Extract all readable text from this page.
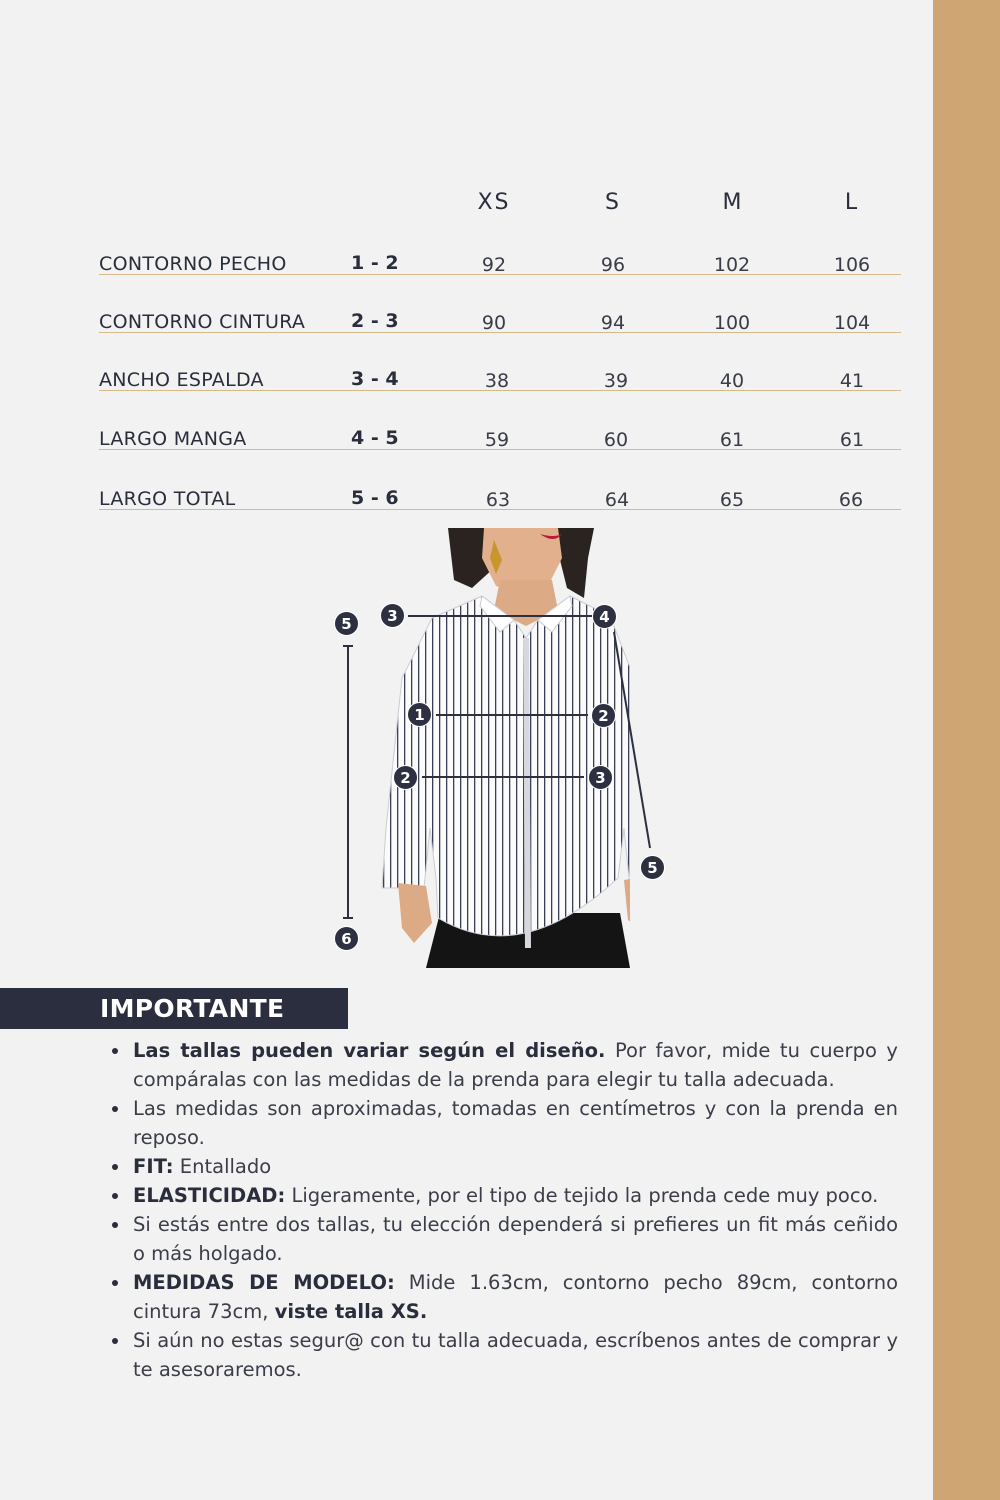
XS	S	M	L
CONTORNO PECHO	1 - 2	92	96	102	106
CONTORNO CINTURA 2 - 3	90	94	100	104
ANCHO ESPALDA	3 - 4	38	39	40	41
LARGO MANGA	4 - 5	59	60	61	61
LARGO TOTAL	5 - 6	63	64	65	66
3	4
1	2
2	3
5
6
5
IMPORTANTE
Las tallas pueden variar según el diseño. Por favor, mide tu cuerpo y compáralas con las medidas de la prenda para elegir tu talla adecuada.
Las medidas son aproximadas, tomadas en centímetros y con la prenda en reposo.
FIT: Entallado
ELASTICIDAD: Ligeramente, por el tipo de tejido la prenda cede muy poco.
Si estás entre dos tallas, tu elección dependerá si prefieres un fit más ceñido o más holgado.
MEDIDAS DE MODELO: Mide 1.63cm, contorno pecho 89cm, contorno cintura 73cm, viste talla XS.
Si aún no estas segur@ con tu talla adecuada, escríbenos antes de comprar y te asesoraremos.
